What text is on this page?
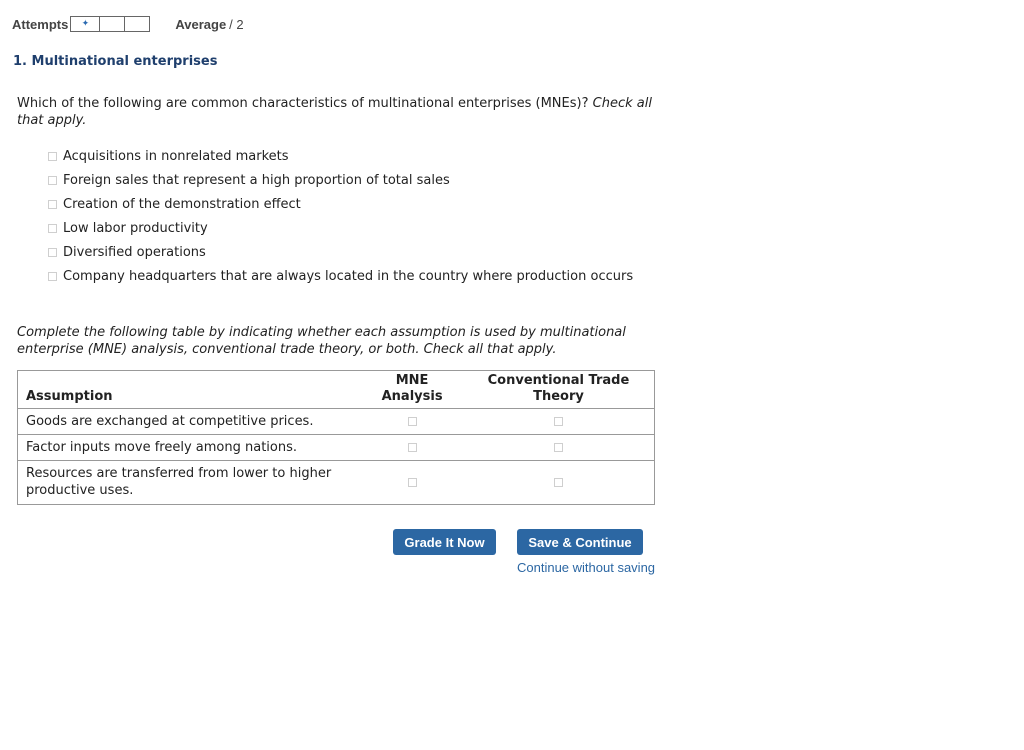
Attempts ✦	Average / 2
1. Multinational enterprises

Which of the following are common characteristics of multinational enterprises (MNEs)? Check all that apply.

Acquisitions in nonrelated markets
Foreign sales that represent a high proportion of total sales
Creation of the demonstration effect
Low labor productivity
Diversified operations
Company headquarters that are always located in the country where production occurs

Complete the following table by indicating whether each assumption is used by multinational enterprise (MNE) analysis, conventional trade theory, or both. Check all that apply.

Assumption	MNE Analysis	Conventional Trade Theory
Goods are exchanged at competitive prices.		
Factor inputs move freely among nations.		
Resources are transferred from lower to higher productive uses.		
Grade It Now	Save & Continue
Continue without saving
